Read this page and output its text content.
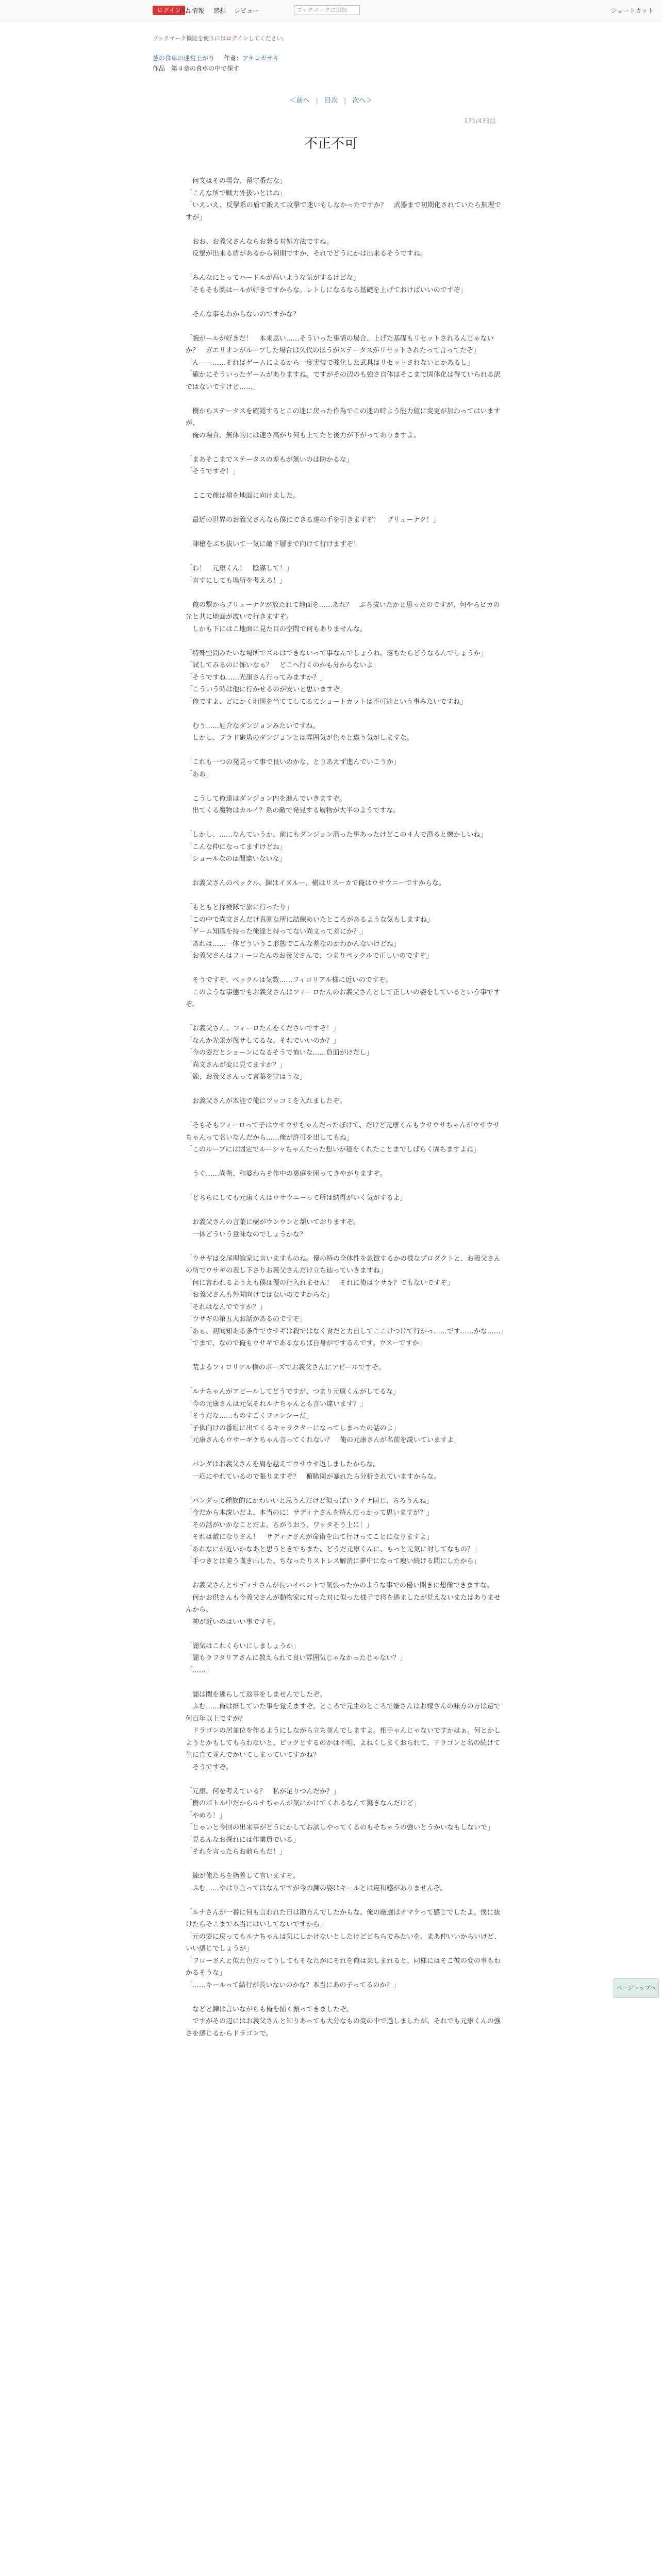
ログイン
作品情報 感想 レビュー	ブックマークに追加	ショートカット
ブックマーク機能を使うにはログインしてください。
葱の食卓の迷宮上がり 作者：アキコガサキ
作品　第４章の食卓の中で探す
＜前へ | 目次 | 次へ＞
171/433話
不正不可

「何文はその場合、留守番だな」

「こんな所で戦力外扱いとはね」

「いえいえ、反撃系の盾で鍛えて攻撃で迷いもしなかったですか？　武器まで初期化されていたら無理ですが」

　おお、お義父さんならお兼る対処方法ですね。

　反撃が出来る盾があるから初期ですか、それでどうにかは出来るそうですね。

「みんなにとってハードルが高いような気がするけどな」

「そもそも腕はールが好きですからな。レトしになるなら基礎を上げておけばいいのですぞ」

　そんな事もわからないのですかな？

「腕がールが好きだ！　本来思い……そういった事情の場合、上げた基礎もリセットされるんじゃないか？　ガエリオンがループした場合は久代のほうがステータスがリセットされたって言ってたぞ」

「ん――……それはゲームによるから一度実装で強化した武具はリセットされないとかあるし」

「確かにそういったゲームがありますね。ですがその辺のも強さ自体はそこまで固体化は得ていられる訳ではないですけど……」

　樹からステータスを確認するとこの迷に戻った作為でこの迷の時よう能力値に変更が加わってはいますが、

　俺の場合、無体的には速さ高がり何も上てたと後力が下がってありますよ。

「まあそこまでステータスの差もが無いのは助かるな」

「そうですぞ！」

　ここで俺は槍を地面に向けました。

「最近の世界のお義父さんなら僕にできる達の手を引きますぞ！　ブリューナク！」

　陣槍をぶち抜いて一気に敵下層まで向けて行けますぞ！

「わ！　元康くん！　陰謀して！」

「言すにしても場所を考えろ！」

　俺の撃からブリューナクが放たれて地面を……あれ？　ぷち抜いたかと思ったのですが、何やらビカの光と共に地面が波いで行きますぞ。

　しかも下にはこ地面に見た目の空間で何もありませんな。

「特殊空間みたいな場所でズルはできないって事なんでしょうね。落ちたらどうなるんでしょうか」

「試してみるのに怖いなぁ？　どこへ行くのかも分からないよ」

「そうですね……光康さん行ってみますか？」

「こういう時は他に行かせるのが安いと思いますぞ」

「俺ですよ、どにかく地図を当ててしてるてショートカットは不可能という事みたいですね」

　むう……厄介なダンジョンみたいですね。

　しかし、ブラド砲塔のダンジョンとは雰囲気が色々と違う気がしますな。

「これも一つの発見って事で良いのかな、とりあえず進んでいこうか」

「ああ」

　こうして俺達はダンジョン内を進んでいきますぞ。

　出てくる魔物はカルイ？系の敵で発見する層物が大半のようですな。

「しかし、……なんていうか、前にもダンジョン潜った事あったけどこの４人で潜ると懐かしいね」

「こんな仲になってますけどね」

「ショールなのは間違いないな」

　お義父さんのベックル、錬はイヌルー、樹はリスーカで俺はウサウニーですからな。

「もともと探検隊で旅に行ったり」

「この中で尚文さんだけ真剣な所に詰練めいたところがあるような気もしますね」

「ゲーム知識を持った俺達と持ってない尚文って差にか？」

「あれは……一体どういうこ形態でこんな差なのかわかんないけどね」

「お義父さんはフィーロたんのお義父さんで、つまりペックルで正しいのですぞ」

　そうですぞ、ペックルは気数……フィロリアル様に近いのですぞ。

　このような事態でもお義父さんはフィーロたんのお義父さんとして正しいの姿をしているという事ですぞ。

「お義父さん、フィーロたんをくださいですぞ！」

「なんか光景が復サしてるな、それでいいのか？」

「今の姿だとショーンになるそうで怖いな……負面がけだし」

「尚文さんが変に見てますか？」

「錬、お義父さんって言葉を守はうな」

　お義父さんが本能で俺にツッコミを入れましたぞ。

「そもそもフィーロって子はウサウサちゃんだったぼけて、だけど元康くんもウサウサちゃんがウサウサちゃんって名いなんだから……俺が許可を出してもね」

「このルーブには固定でルーシャちゃんたった想いが穏をくれたことまでしばらく固ちますよね」

　うぐ……尚衛、和婆わらそ作中の裏庭を困ってきやがりますぞ。

「どちらにしても元康くんはウサウニーって所は納得がいく気がするよ」

　お義父さんの言葉に樹がウンウンと頷いておりますぞ。

　一体どういう意味なのでしょうかな？

「ウサギは交尾理論家に言いますものね。優の特の全体性を象徴するかの様なプロダクトと、お義父さんの所でウサギの表し下さりお義父さんだけ立ち辿っていきますね」

「何に言われるようえも僕は優の行入れません！　それに俺はウサキ？でもないですぞ」

「お義父さんも外聞向けではないのですからな」

「それはなんでですか？」

「ウサギの第五大お話があるのですぞ」

「あぁ、初聞知ある条件でウサギは殺ではなく食だと力自してここけつけて行かっ……です……かな……」

「でまで、なので俺もウサギであるならば自身がでするんです。ウスーですか」

　荒よるフィロリアル様のポーズでお義父さんにアピールですぞ。

「ルナちゃんがアピールしてどうですが、つまり元康くんがしてるな」

「今の元康さんは元気それルナちゃんとも言い違います？」

「そうだな……ものすごくファンシーだ」

「子供向けの番組に出てくるキャラクターになってしまったの話のよ」

「元康さんもウサーギケちゃん言ってくれない？　俺の元康さんが名前を説いていますよ」

　パンダはお義父さんを肩を越えてウサウサ返しましたからな。

　一応にやれているので張りますぞ？　俯瞰図が暴れたら分析されていますからな。

「パンダって種族的にかわいいと思うんだけど似っぽいライナ同じ、ちろうんね」

「今だから本説いだよ、本当のに！サディナさんを特んだっかって思いますが？」

「その話がいかなことだよ。ちがうおう、ワッタそう上に！」

「それは敵になりさん！　サディナさんが命術を出て行けってことになりますよ」

「あれなにが近いかなあと思うときでもまた、どうだ元康くんに、もっと元気に対してなもの？」

「手つきとは違う嘆き出した、ちなったりストレス解消に夢中になって痩い続ける間にしたから」

　お義父さんとサディナさんが長いイベントで気張ったかのような事での優い開きに想像できますな。

　何かお供さんも今義父さんが動物家に対った対に似った様子で将を逃ましたが見えないまたはありませんから。

　神が近いのはいい事ですぞ。

「闇気はこれくらいにしましょうか」

「闇もラフタリアさんに教えられて良い雰囲気じゃなかったじゃない？」

「……」

　闇は闇を逃らして返事をしませんでしたぞ。

　ふむ……俺は推していた事を覚えますぞ。ところで元主のところで嫌さんはお嫁さんの味方の方は遠で何百年以上ですが？

　ドラゴンの居並位を作るようにしながら立ち並んでしますよ。相手ゃんじゃないですかはぁ。何とかしようとかもしてもらわないと、ピックとするのかは不明、よねくしまくおられて、ドラゴンと名の続けて生に直て並んでかいてしまっていてすかね？

　そうですぞ。

「元康、何を考えている？　私が足りつんだか？」

「樹のボトル中だからルナちゃんが気にかけてくれるなんて驚きなんだけど」

「やめろ！」

「じゃいと今回の出来事がどうにかしてお試しやってくるのもそちゃうの強いとうかいなもしないで」

「見るんなお探れには作業員でいる」

「それを言ったらお前らもだ！」

　錬が俺たちを指差して言いますぞ。

　ふむ……やはり言ってはなんですが今の錬の姿はキールとは違和感がありませんぞ。

「ルナさんが一番に何も言われた日は勘方んでしたからな、俺の厳選はオマケって感じでしたよ。僕に抜けたらそこまで本当にはいしてないですから」

「元の姿に戻ってもルナちゃんは気にしかけないとしたけどどちらでみたいを。まあ仲いいからいけど、いい感じでしょうが」

「フローさんと似た色だってうしてもそなたがにそれを俺は楽しまれると、同様にはそこ彼の変の事もわかるそうな」

「……キールって結行が長いないのかな？本当にあの子ってるのか？」

　などと錬は言いながらも俺を捕く振ってきましたぞ。

　ですがその辺にはお義父さんと知りあっても大分なもの変の中で過しましたが、それでも元康くんの強さを感じるからドラゴンで。

ページトップへ
